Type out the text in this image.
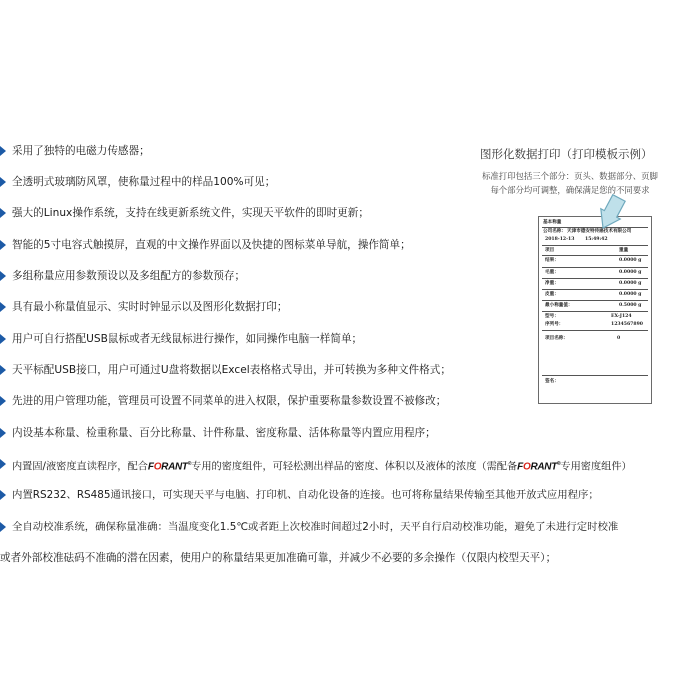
采用了独特的电磁力传感器；
全透明式玻璃防风罩，使称量过程中的样品100%可见；
强大的Linux操作系统，支持在线更新系统文件，实现天平软件的即时更新；
智能的5寸电容式触摸屏，直观的中文操作界面以及快捷的图标菜单导航，操作简单；
多组称量应用参数预设以及多组配方的参数预存；
具有最小称量值显示、实时时钟显示以及图形化数据打印；
用户可自行搭配USB鼠标或者无线鼠标进行操作，如同操作电脑一样简单；
天平标配USB接口，用户可通过U盘将数据以Excel表格格式导出，并可转换为多种文件格式；
先进的用户管理功能，管理员可设置不同菜单的进入权限，保护重要称量参数设置不被修改；
内设基本称量、检重称量、百分比称量、计件称量、密度称量、活体称量等内置应用程序；
内置固/液密度直读程序，配合FORANT®专用的密度组件，可轻松测出样品的密度、体积以及液体的浓度（需配备FORANT®专用密度组件）
内置RS232、RS485通讯接口，可实现天平与电脑、打印机、自动化设备的连接。也可将称量结果传输至其他开放式应用程序；
全自动校准系统，确保称量准确：当温度变化1.5℃或者距上次校准时间超过2小时，天平自行启动校准功能，避免了未进行定时校准
或者外部校准砝码不准确的潜在因素，使用户的称量结果更加准确可靠，并减少不必要的多余操作（仅限内校型天平）；
图形化数据打印（打印模板示例）
标准打印包括三个部分：页头、数据部分、页脚
每个部分均可调整，确保满足您的不同要求
基本称量
公司名称： 天津市德安特传感技术有限公司
2018-12-13 15:49:42
项目	重量
结果：	0.0000 g
毛重：	0.0000 g
净重：	0.0000 g
皮重：	0.0000 g
最小称量值：	0.5000 g
型号：	EX-J124
序列号：	1234567890
项目名称：	0
签名：
